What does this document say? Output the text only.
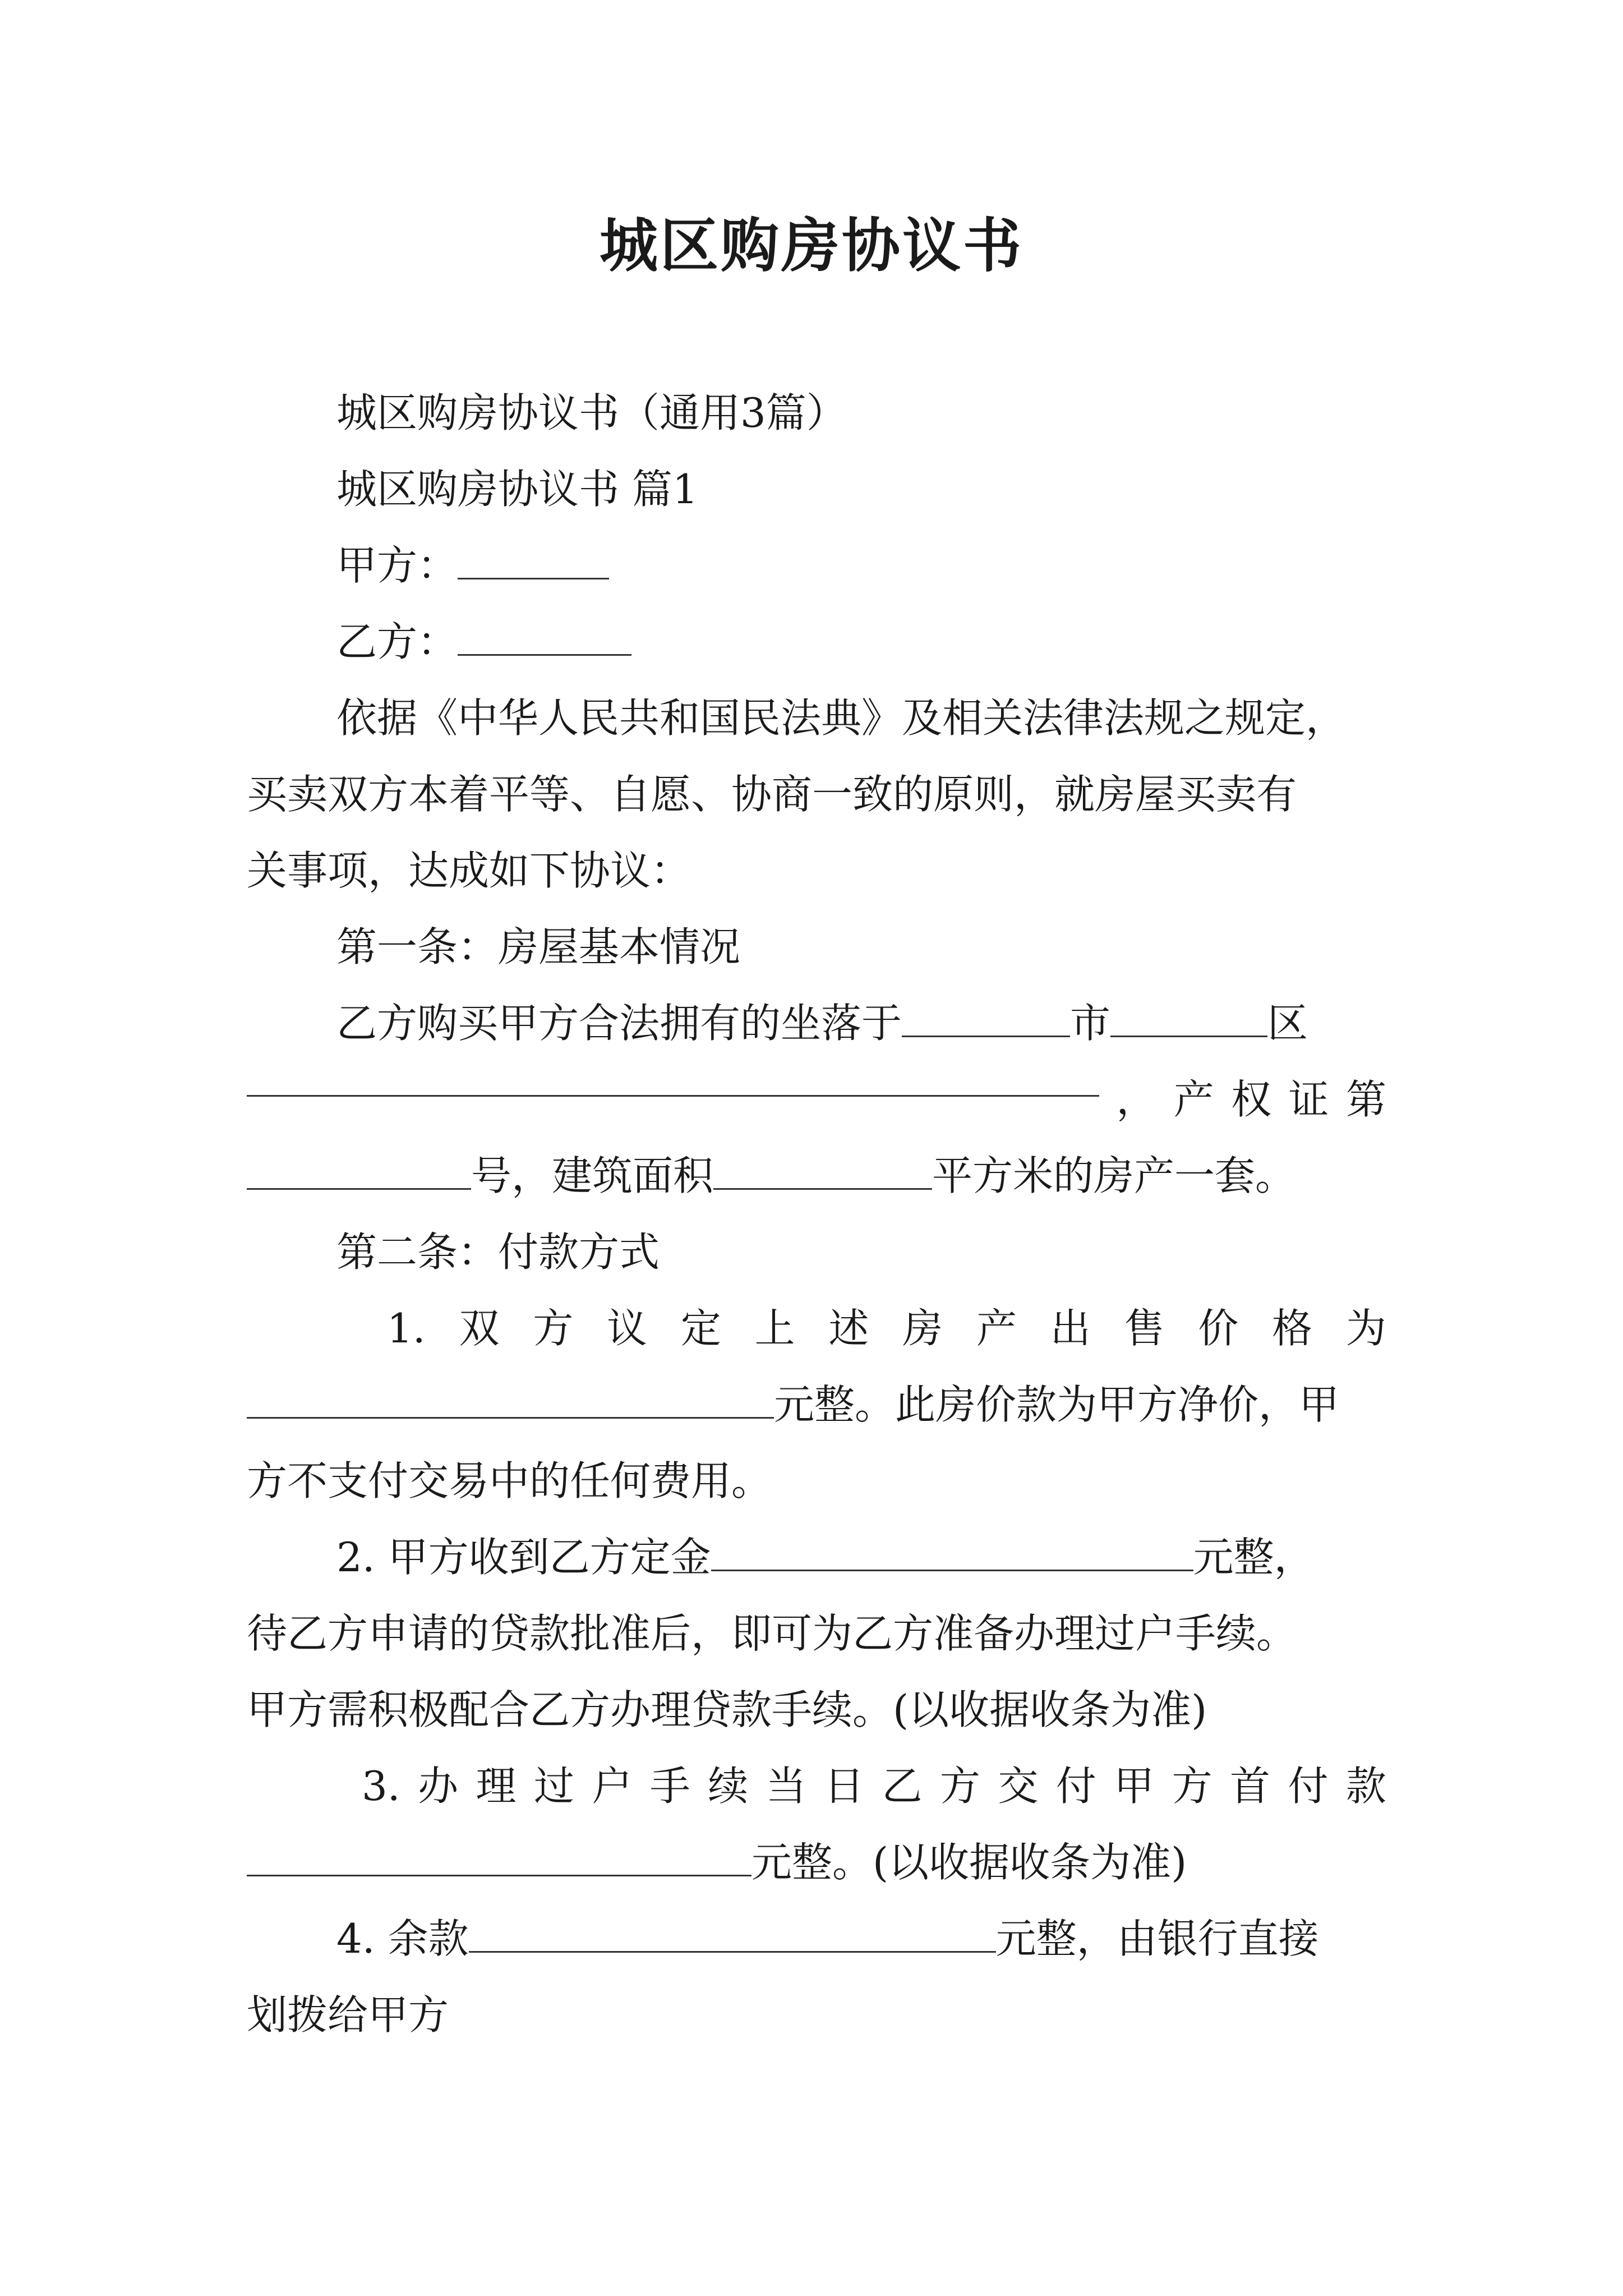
城区购房协议书

城区购房协议书（通用3篇）

城区购房协议书 篇1

甲方：

乙方：

依据《中华人民共和国民法典》及相关法律法规之规定，

买卖双方本着平等、自愿、协商一致的原则，就房屋买卖有

关事项，达成如下协议：

第一条：房屋基本情况

乙方购买甲方合法拥有的坐落于	市	区

， 产 权 证 第

号，建筑面积	平方米的房产一套。

第二条：付款方式

1. 双 方 议 定 上 述 房 产 出 售 价 格 为

元整。此房价款为甲方净价，甲

方不支付交易中的任何费用。

2. 甲方收到乙方定金	元整，

待乙方申请的贷款批准后，即可为乙方准备办理过户手续。

甲方需积极配合乙方办理贷款手续。(以收据收条为准)

3. 办 理 过 户 手 续 当 日 乙 方 交 付 甲 方 首 付 款

元整。(以收据收条为准)

4. 余款	元整，由银行直接

划拨给甲方
